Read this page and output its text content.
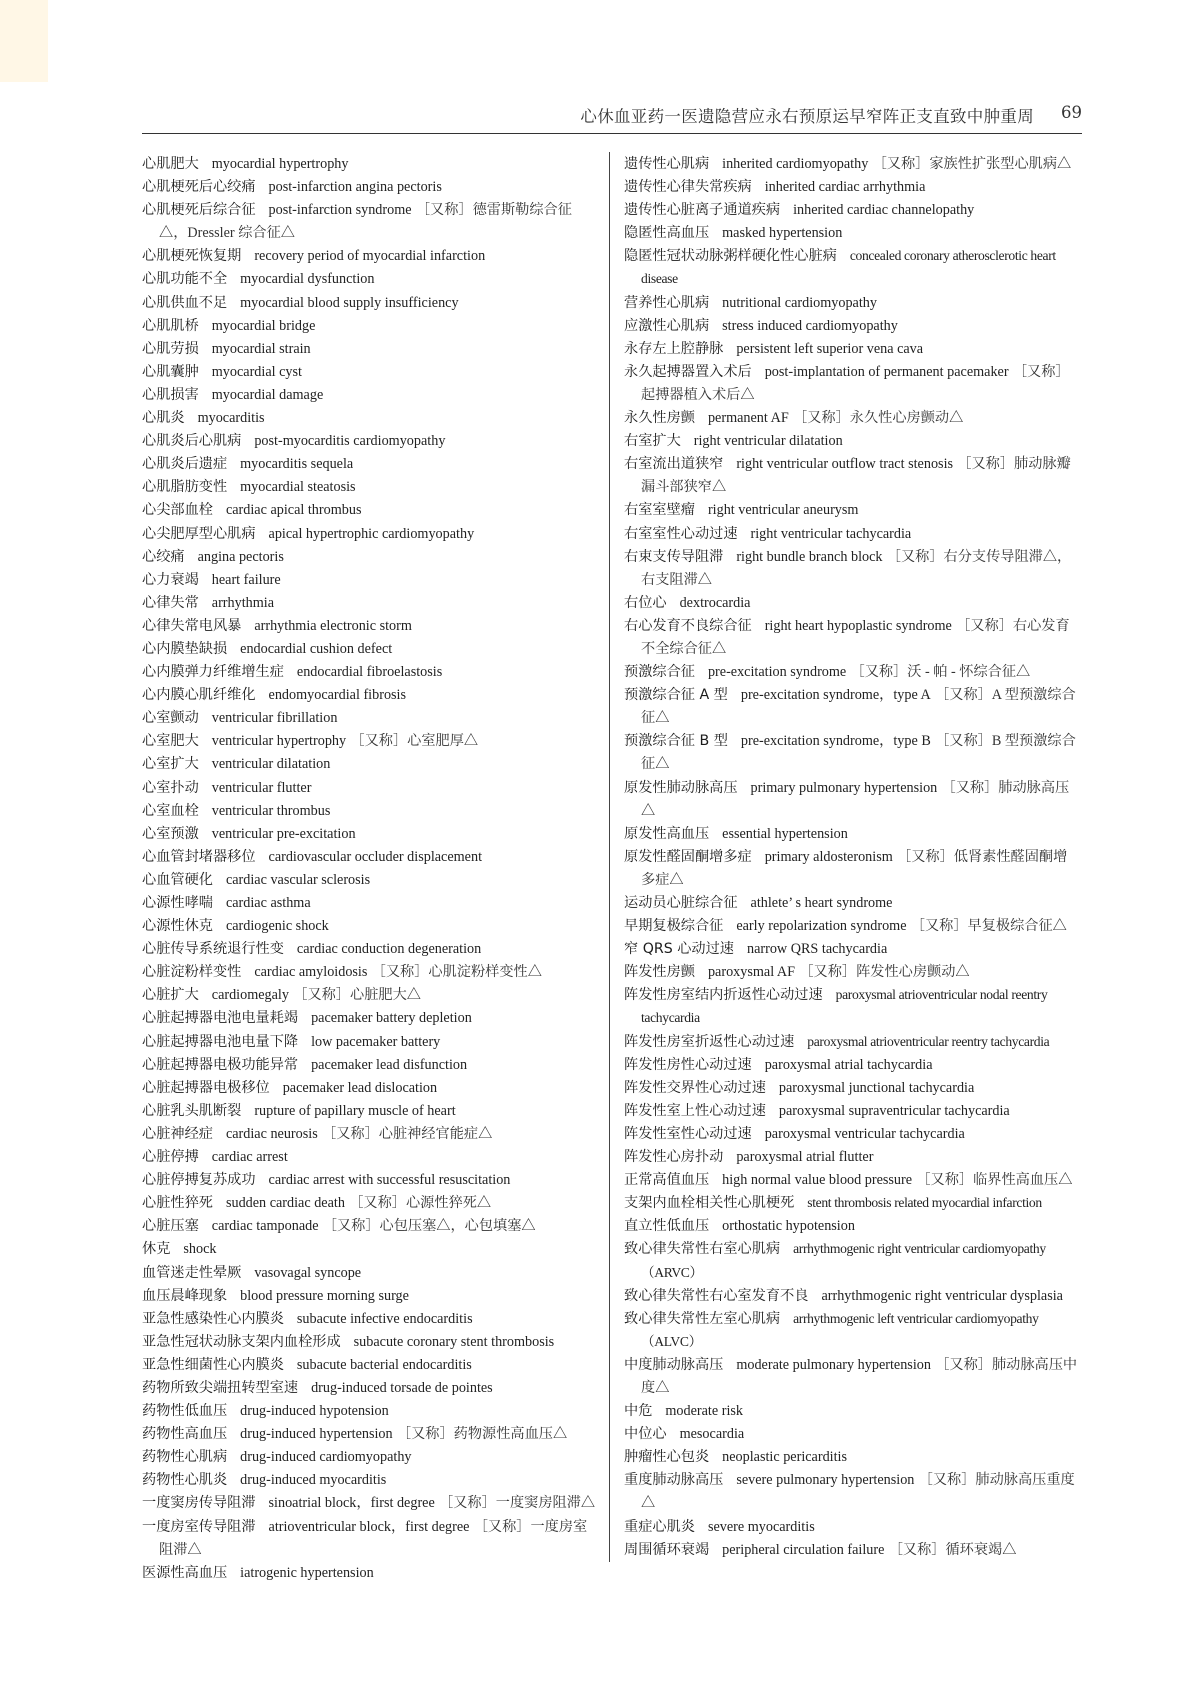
心休血亚药一医遗隐营应永右预原运早窄阵正支直致中肿重周 69
心肌肥大 myocardial hypertrophy
心肌梗死后心绞痛 post-infarction angina pectoris
心肌梗死后综合征 post-infarction syndrome ［又称］德雷斯勒综合征△，Dressler 综合征△
心肌梗死恢复期 recovery period of myocardial infarction
心肌功能不全 myocardial dysfunction
心肌供血不足 myocardial blood supply insufficiency
心肌肌桥 myocardial bridge
心肌劳损 myocardial strain
心肌囊肿 myocardial cyst
心肌损害 myocardial damage
心肌炎 myocarditis
心肌炎后心肌病 post-myocarditis cardiomyopathy
心肌炎后遗症 myocarditis sequela
心肌脂肪变性 myocardial steatosis
心尖部血栓 cardiac apical thrombus
心尖肥厚型心肌病 apical hypertrophic cardiomyopathy
心绞痛 angina pectoris
心力衰竭 heart failure
心律失常 arrhythmia
心律失常电风暴 arrhythmia electronic storm
心内膜垫缺损 endocardial cushion defect
心内膜弹力纤维增生症 endocardial fibroelastosis
心内膜心肌纤维化 endomyocardial fibrosis
心室颤动 ventricular fibrillation
心室肥大 ventricular hypertrophy ［又称］心室肥厚△
心室扩大 ventricular dilatation
心室扑动 ventricular flutter
心室血栓 ventricular thrombus
心室预激 ventricular pre-excitation
心血管封堵器移位 cardiovascular occluder displacement
心血管硬化 cardiac vascular sclerosis
心源性哮喘 cardiac asthma
心源性休克 cardiogenic shock
心脏传导系统退行性变 cardiac conduction degeneration
心脏淀粉样变性 cardiac amyloidosis ［又称］心肌淀粉样变性△
心脏扩大 cardiomegaly ［又称］心脏肥大△
心脏起搏器电池电量耗竭 pacemaker battery depletion
心脏起搏器电池电量下降 low pacemaker battery
心脏起搏器电极功能异常 pacemaker lead disfunction
心脏起搏器电极移位 pacemaker lead dislocation
心脏乳头肌断裂 rupture of papillary muscle of heart
心脏神经症 cardiac neurosis ［又称］心脏神经官能症△
心脏停搏 cardiac arrest
心脏停搏复苏成功 cardiac arrest with successful resuscitation
心脏性猝死 sudden cardiac death ［又称］心源性猝死△
心脏压塞 cardiac tamponade ［又称］心包压塞△，心包填塞△
休克 shock
血管迷走性晕厥 vasovagal syncope
血压晨峰现象 blood pressure morning surge
亚急性感染性心内膜炎 subacute infective endocarditis
亚急性冠状动脉支架内血栓形成 subacute coronary stent thrombosis
亚急性细菌性心内膜炎 subacute bacterial endocarditis
药物所致尖端扭转型室速 drug-induced torsade de pointes
药物性低血压 drug-induced hypotension
药物性高血压 drug-induced hypertension ［又称］药物源性高血压△
药物性心肌病 drug-induced cardiomyopathy
药物性心肌炎 drug-induced myocarditis
一度窦房传导阻滞 sinoatrial block，first degree ［又称］一度窦房阻滞△
一度房室传导阻滞 atrioventricular block，first degree ［又称］一度房室阻滞△
医源性高血压 iatrogenic hypertension
遗传性心肌病 inherited cardiomyopathy ［又称］家族性扩张型心肌病△
遗传性心律失常疾病 inherited cardiac arrhythmia
遗传性心脏离子通道疾病 inherited cardiac channelopathy
隐匿性高血压 masked hypertension
隐匿性冠状动脉粥样硬化性心脏病 concealed coronary atherosclerotic heart disease
营养性心肌病 nutritional cardiomyopathy
应激性心肌病 stress induced cardiomyopathy
永存左上腔静脉 persistent left superior vena cava
永久起搏器置入术后 post-implantation of permanent pacemaker ［又称］起搏器植入术后△
永久性房颤 permanent AF ［又称］永久性心房颤动△
右室扩大 right ventricular dilatation
右室流出道狭窄 right ventricular outflow tract stenosis ［又称］肺动脉瓣漏斗部狭窄△
右室室壁瘤 right ventricular aneurysm
右室室性心动过速 right ventricular tachycardia
右束支传导阻滞 right bundle branch block ［又称］右分支传导阻滞△，右支阻滞△
右位心 dextrocardia
右心发育不良综合征 right heart hypoplastic syndrome ［又称］右心发育不全综合征△
预激综合征 pre-excitation syndrome ［又称］沃 - 帕 - 怀综合征△
预激综合征 A 型 pre-excitation syndrome，type A ［又称］A 型预激综合征△
预激综合征 B 型 pre-excitation syndrome，type B ［又称］B 型预激综合征△
原发性肺动脉高压 primary pulmonary hypertension ［又称］肺动脉高压△
原发性高血压 essential hypertension
原发性醛固酮增多症 primary aldosteronism ［又称］低肾素性醛固酮增多症△
运动员心脏综合征 athlete’ s heart syndrome
早期复极综合征 early repolarization syndrome ［又称］早复极综合征△
窄 QRS 心动过速 narrow QRS tachycardia
阵发性房颤 paroxysmal AF ［又称］阵发性心房颤动△
阵发性房室结内折返性心动过速 paroxysmal atrioventricular nodal reentry tachycardia
阵发性房室折返性心动过速 paroxysmal atrioventricular reentry tachycardia
阵发性房性心动过速 paroxysmal atrial tachycardia
阵发性交界性心动过速 paroxysmal junctional tachycardia
阵发性室上性心动过速 paroxysmal supraventricular tachycardia
阵发性室性心动过速 paroxysmal ventricular tachycardia
阵发性心房扑动 paroxysmal atrial flutter
正常高值血压 high normal value blood pressure ［又称］临界性高血压△
支架内血栓相关性心肌梗死 stent thrombosis related myocardial infarction
直立性低血压 orthostatic hypotension
致心律失常性右室心肌病 arrhythmogenic right ventricular cardiomyopathy（ARVC）
致心律失常性右心室发育不良 arrhythmogenic right ventricular dysplasia
致心律失常性左室心肌病 arrhythmogenic left ventricular cardiomyopathy（ALVC）
中度肺动脉高压 moderate pulmonary hypertension ［又称］肺动脉高压中度△
中危 moderate risk
中位心 mesocardia
肿瘤性心包炎 neoplastic pericarditis
重度肺动脉高压 severe pulmonary hypertension ［又称］肺动脉高压重度△
重症心肌炎 severe myocarditis
周围循环衰竭 peripheral circulation failure ［又称］循环衰竭△
